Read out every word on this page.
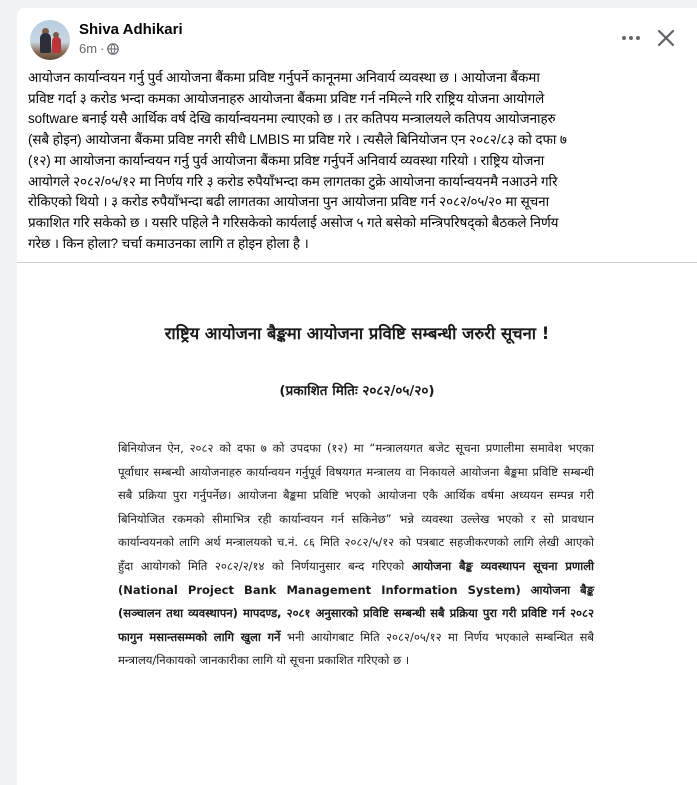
Shiva Adhikari
6m ·
आयोजन कार्यान्वयन गर्नु पुर्व आयोजना बैंकमा प्रविष्ट गर्नुपर्ने कानूनमा अनिवार्य व्यवस्था छ । आयोजना बैंकमा
प्रविष्ट गर्दा ३ करोड भन्दा कमका आयोजनाहरु आयोजना बैंकमा प्रविष्ट गर्न नमिल्ने गरि राष्ट्रिय योजना आयोगले
software बनाई यसै आर्थिक वर्ष देखि कार्यान्वयनमा ल्याएको छ । तर कतिपय मन्त्रालयले कतिपय आयोजनाहरु
(सबै होइन) आयोजना बैंकमा प्रविष्ट नगरी सीधै LMBIS मा प्रविष्ट गरे । त्यसैले बिनियोजन एन २०८२/८३ को दफा ७
(१२) मा आयोजना कार्यान्वयन गर्नु पुर्व आयोजना बैंकमा प्रविष्ट गर्नुपर्ने अनिवार्य व्यवस्था गरियो । राष्ट्रिय योजना
आयोगले २०८२/०५/१२ मा निर्णय गरि ३ करोड रुपैयाँभन्दा कम लागतका टुक्रे आयोजना कार्यान्वयनमै नआउने गरि
रोकिएको थियो । ३ करोड रुपैयाँभन्दा बढी लागतका आयोजना पुन आयोजना प्रविष्ट गर्न २०८२/०५/२० मा सूचना
प्रकाशित गरि सकेको छ । यसरि पहिले नै गरिसकेको कार्यलाई असोज ५ गते बसेको मन्त्रिपरिषद्को बैठकले निर्णय
गरेछ । किन होला? चर्चा कमाउनका लागि त होइन होला है ।
राष्ट्रिय आयोजना बैङ्कमा आयोजना प्रविष्टि सम्बन्धी जरुरी सूचना !
(प्रकाशित मितिः २०८२/०५/२०)
बिनियोजन ऐन, २०८२ को दफा ७ को उपदफा (१२) मा “मन्त्रालयगत बजेट सूचना प्रणालीमा समावेश भएका पूर्वाधार सम्बन्धी आयोजनाहरु कार्यान्वयन गर्नुपूर्व विषयगत मन्त्रालय वा निकायले आयोजना बैङ्कमा प्रविष्टि सम्बन्धी सबै प्रक्रिया पुरा गर्नुपर्नेछ। आयोजना बैङ्कमा प्रविष्टि भएको आयोजना एकै आर्थिक वर्षमा अध्ययन सम्पन्न गरी बिनियोजित रकमको सीमाभित्र रही कार्यान्वयन गर्न सकिनेछ” भन्ने व्यवस्था उल्लेख भएको र सो प्रावधान कार्यान्वयनको लागि अर्थ मन्त्रालयको च.नं. ८६ मिति २०८२/५/१२ को पत्रबाट सहजीकरणको लागि लेखी आएको हुँदा आयोगको मिति २०८२/२/१४ को निर्णयानुसार बन्द गरिएको आयोजना बैङ्क व्यवस्थापन सूचना प्रणाली (National Project Bank Management Information System) आयोजना बैङ्क (सञ्चालन तथा व्यवस्थापन) मापदण्ड, २०८१ अनुसारको प्रविष्टि सम्बन्धी सबै प्रक्रिया पुरा गरी प्रविष्टि गर्न २०८२ फागुन मसान्तसम्मको लागि खुला गर्ने भनी आयोगबाट मिति २०८२/०५/१२ मा निर्णय भएकाले सम्बन्धित सबै मन्त्रालय/निकायको जानकारीका लागि यो सूचना प्रकाशित गरिएको छ ।
